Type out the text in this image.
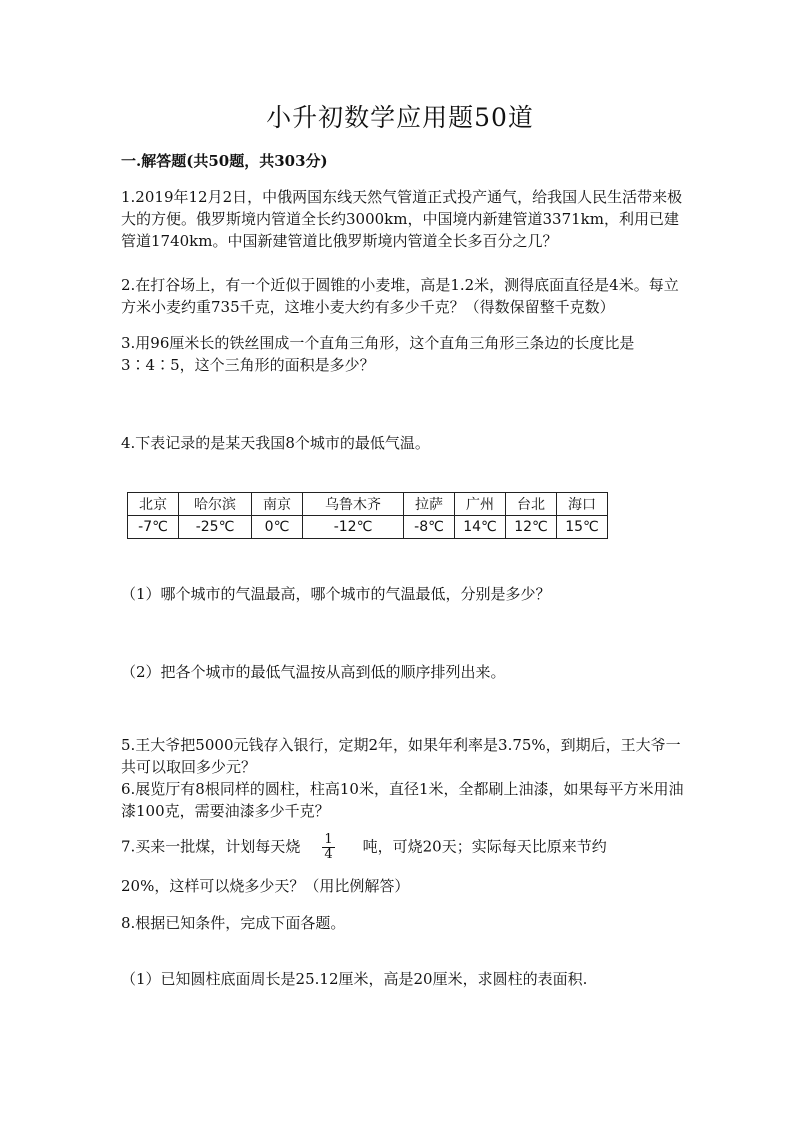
小升初数学应用题50道
一.解答题(共50题，共303分)
1.2019年12月2日，中俄两国东线天然气管道正式投产通气，给我国人民生活带来极大的方便。俄罗斯境内管道全长约3000km，中国境内新建管道3371km，利用已建管道1740km。中国新建管道比俄罗斯境内管道全长多百分之几？
2.在打谷场上，有一个近似于圆锥的小麦堆，高是1.2米，测得底面直径是4米。每立方米小麦约重735千克，这堆小麦大约有多少千克？（得数保留整千克数）
3.用96厘米长的铁丝围成一个直角三角形，这个直角三角形三条边的长度比是3∶4∶5，这个三角形的面积是多少？
4.下表记录的是某天我国8个城市的最低气温。
北京	哈尔滨	南京	乌鲁木齐	拉萨	广州	台北	海口
-7℃	-25℃	0℃	-12℃	-8℃	14℃	12℃	15℃
（1）哪个城市的气温最高，哪个城市的气温最低，分别是多少？
（2）把各个城市的最低气温按从高到低的顺序排列出来。
5.王大爷把5000元钱存入银行，定期2年，如果年利率是3.75%，到期后，王大爷一共可以取回多少元？
6.展览厅有8根同样的圆柱，柱高10米，直径1米，全都刷上油漆，如果每平方米用油漆100克，需要油漆多少千克？
7.买来一批煤，计划每天烧 $\frac{1}{4}$ 吨，可烧20天；实际每天比原来节约
20%，这样可以烧多少天？（用比例解答）
8.根据已知条件，完成下面各题。
（1）已知圆柱底面周长是25.12厘米，高是20厘米，求圆柱的表面积.
